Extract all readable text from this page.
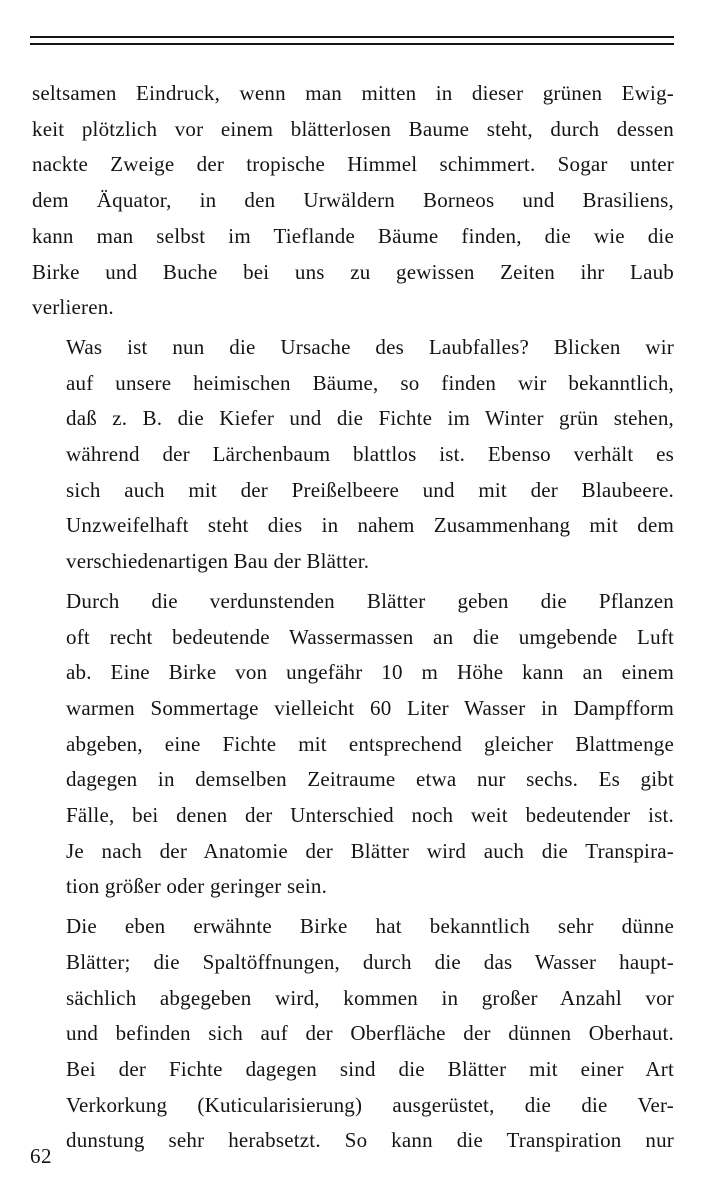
seltsamen Eindruck, wenn man mitten in dieser grünen Ewig-
keit plötzlich vor einem blätterlosen Baume steht, durch dessen
nackte Zweige der tropische Himmel schimmert. Sogar unter
dem Äquator, in den Urwäldern Borneos und Brasiliens,
kann man selbst im Tieflande Bäume finden, die wie die
Birke und Buche bei uns zu gewissen Zeiten ihr Laub
verlieren.

Was ist nun die Ursache des Laubfalles? Blicken wir
auf unsere heimischen Bäume, so finden wir bekanntlich,
daß z. B. die Kiefer und die Fichte im Winter grün stehen,
während der Lärchenbaum blattlos ist. Ebenso verhält es
sich auch mit der Preißelbeere und mit der Blaubeere.
Unzweifelhaft steht dies in nahem Zusammenhang mit dem
verschiedenartigen Bau der Blätter.

Durch die verdunstenden Blätter geben die Pflanzen
oft recht bedeutende Wassermassen an die umgebende Luft
ab. Eine Birke von ungefähr 10 m Höhe kann an einem
warmen Sommertage vielleicht 60 Liter Wasser in Dampfform
abgeben, eine Fichte mit entsprechend gleicher Blattmenge
dagegen in demselben Zeitraume etwa nur sechs. Es gibt
Fälle, bei denen der Unterschied noch weit bedeutender ist.
Je nach der Anatomie der Blätter wird auch die Transpira-
tion größer oder geringer sein.

Die eben erwähnte Birke hat bekanntlich sehr dünne
Blätter; die Spaltöffnungen, durch die das Wasser haupt-
sächlich abgegeben wird, kommen in großer Anzahl vor
und befinden sich auf der Oberfläche der dünnen Oberhaut.
Bei der Fichte dagegen sind die Blätter mit einer Art
Verkorkung (Kuticularisierung) ausgerüstet, die die Ver-
dunstung sehr herabsetzt. So kann die Transpiration nur

62
